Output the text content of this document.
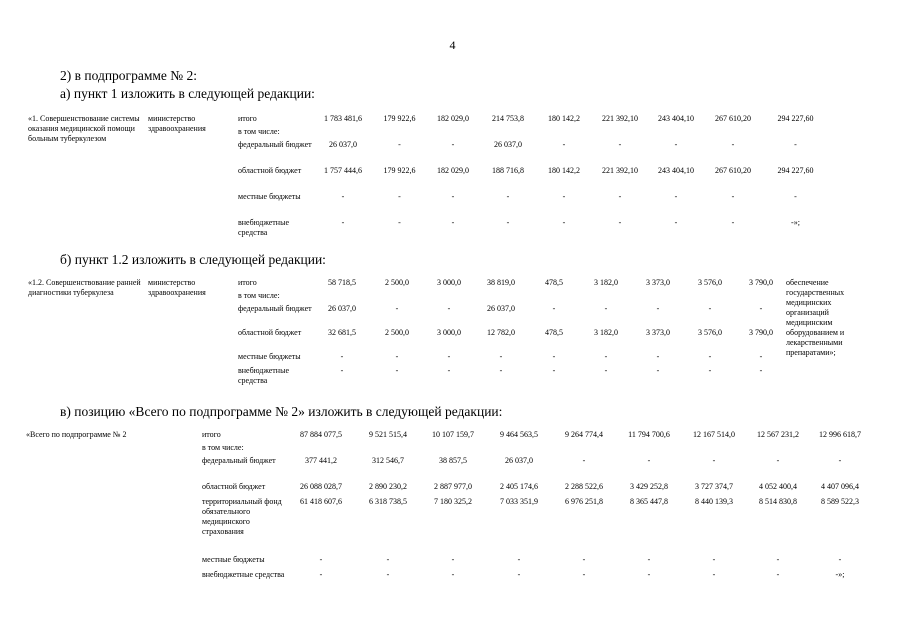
4
2) в подпрограмме № 2:
а) пункт 1 изложить в следующей редакции:
«1. Совершенствование системы оказания медицинской помощи больным туберкулезом	министерство здравоохранения	итого	1 783 481,6	179 922,6	182 029,0	214 753,8	180 142,2	221 392,10	243 404,10	267 610,20	294 227,60
		в том числе:									
		федеральный бюджет	26 037,0	-	-	26 037,0	-	-	-	-	-
		областной бюджет	1 757 444,6	179 922,6	182 029,0	188 716,8	180 142,2	221 392,10	243 404,10	267 610,20	294 227,60
		местные бюджеты	-	-	-	-	-	-	-	-	-
		внебюджетные средства	-	-	-	-	-	-	-	-	-»;
б) пункт 1.2 изложить в следующей редакции:
«1.2. Совершенствование ранней диагностики туберкулеза	министерство здравоохранения	итого	58 718,5	2 500,0	3 000,0	38 819,0	478,5	3 182,0	3 373,0	3 576,0	3 790,0	обеспечение государственных медицинских организаций медицинским оборудованием и лекарственными препаратами»;
		в том числе:										
		федеральный бюджет	26 037,0	-	-	26 037,0	-	-	-	-	-	
		областной бюджет	32 681,5	2 500,0	3 000,0	12 782,0	478,5	3 182,0	3 373,0	3 576,0	3 790,0	
		местные бюджеты	-	-	-	-	-	-	-	-	-	
		внебюджетные средства	-	-	-	-	-	-	-	-	-	
в) позицию «Всего по подпрограмме № 2» изложить в следующей редакции:
«Всего по подпрограмме № 2	итого	87 884 077,5	9 521 515,4	10 107 159,7	9 464 563,5	9 264 774,4	11 794 700,6	12 167 514,0	12 567 231,2	12 996 618,7
	в том числе:									
	федеральный бюджет	377 441,2	312 546,7	38 857,5	26 037,0	-	-	-	-	-
	областной бюджет	26 088 028,7	2 890 230,2	2 887 977,0	2 405 174,6	2 288 522,6	3 429 252,8	3 727 374,7	4 052 400,4	4 407 096,4
	территориальный фонд обязательного медицинского страхования	61 418 607,6	6 318 738,5	7 180 325,2	7 033 351,9	6 976 251,8	8 365 447,8	8 440 139,3	8 514 830,8	8 589 522,3
	местные бюджеты	-	-	-	-	-	-	-	-	-
	внебюджетные средства	-	-	-	-	-	-	-	-	-»;
